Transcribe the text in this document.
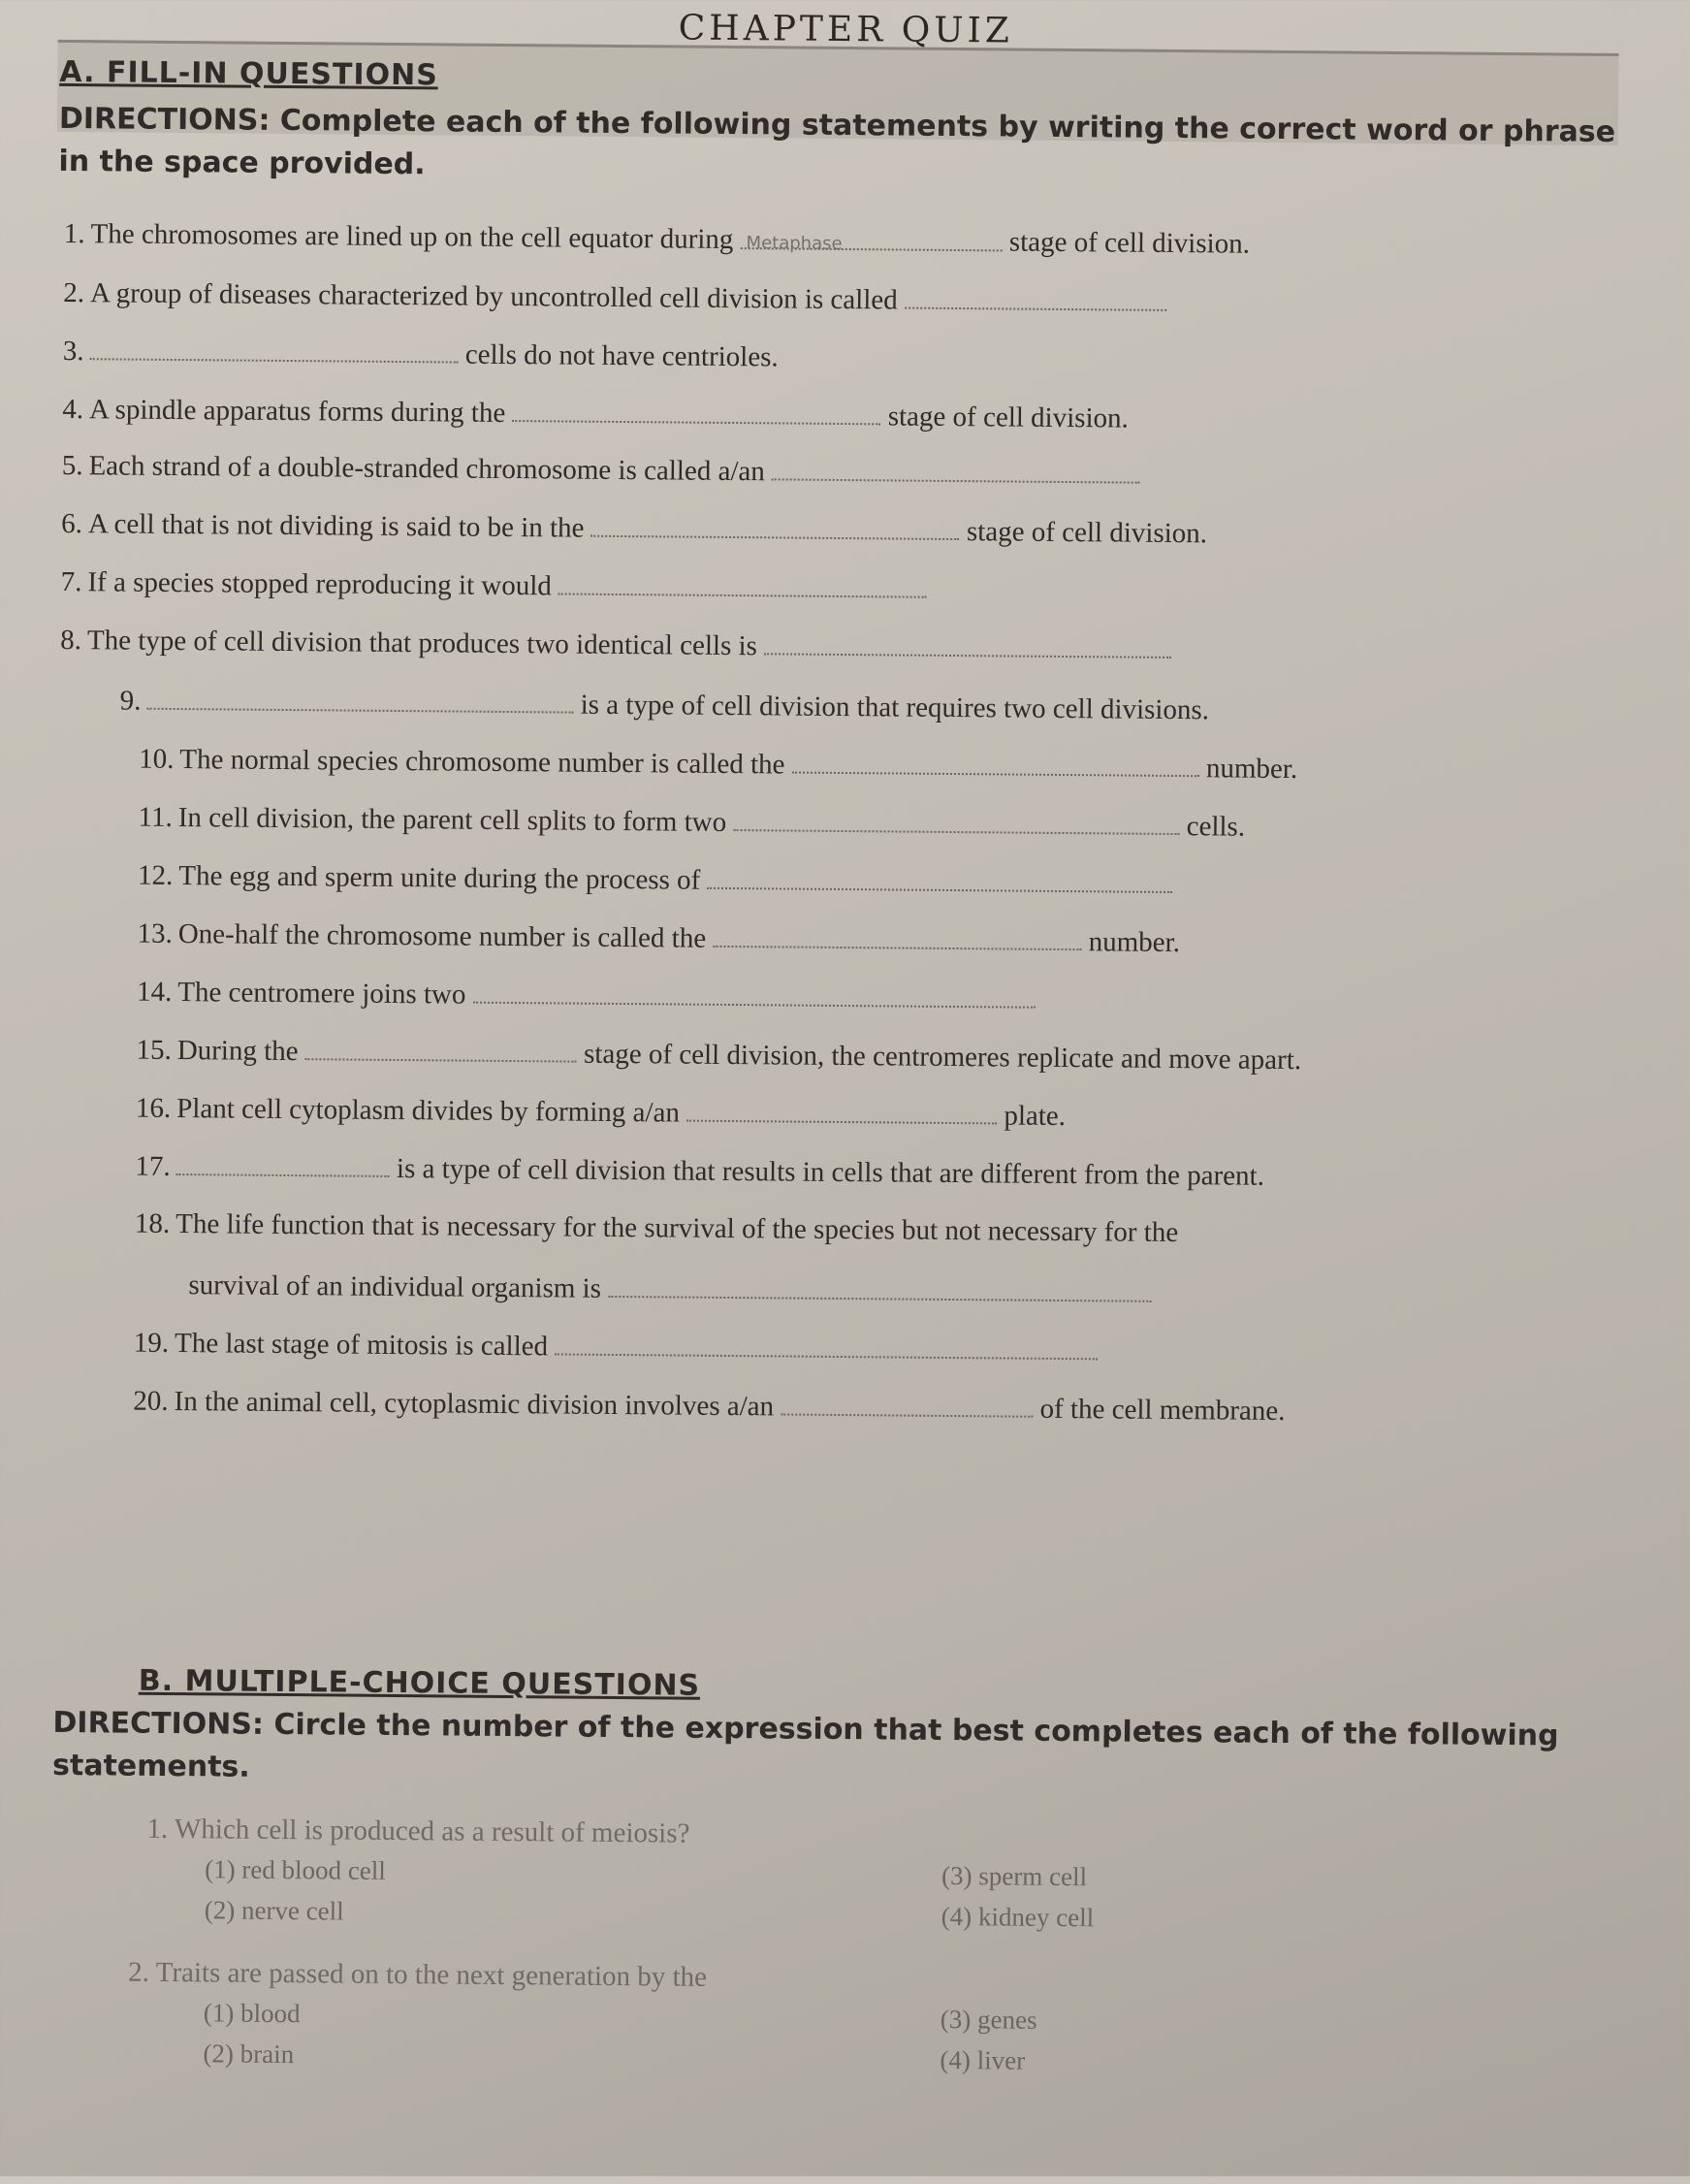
CHAPTER QUIZ
A. FILL-IN QUESTIONS
DIRECTIONS: Complete each of the following statements by writing the correct word or phrase in the space provided.
1. The chromosomes are lined up on the cell equator during Metaphase	stage of cell division.
2. A group of diseases characterized by uncontrolled cell division is called
3.	cells do not have centrioles.
4. A spindle apparatus forms during the	stage of cell division.
5. Each strand of a double-stranded chromosome is called a/an
6. A cell that is not dividing is said to be in the	stage of cell division.
7. If a species stopped reproducing it would
8. The type of cell division that produces two identical cells is
9.	is a type of cell division that requires two cell divisions.
10. The normal species chromosome number is called the	number.
11. In cell division, the parent cell splits to form two	cells.
12. The egg and sperm unite during the process of
13. One-half the chromosome number is called the	number.
14. The centromere joins two
15. During the	stage of cell division, the centromeres replicate and move apart.
16. Plant cell cytoplasm divides by forming a/an	plate.
17.	is a type of cell division that results in cells that are different from the parent.
18. The life function that is necessary for the survival of the species but not necessary for the
survival of an individual organism is
19. The last stage of mitosis is called
20. In the animal cell, cytoplasmic division involves a/an	of the cell membrane.
B. MULTIPLE-CHOICE QUESTIONS
DIRECTIONS: Circle the number of the expression that best completes each of the following statements.
1. Which cell is produced as a result of meiosis?
(1) red blood cell
(2) nerve cell
(3) sperm cell
(4) kidney cell
2. Traits are passed on to the next generation by the
(1) blood
(2) brain
(3) genes
(4) liver
